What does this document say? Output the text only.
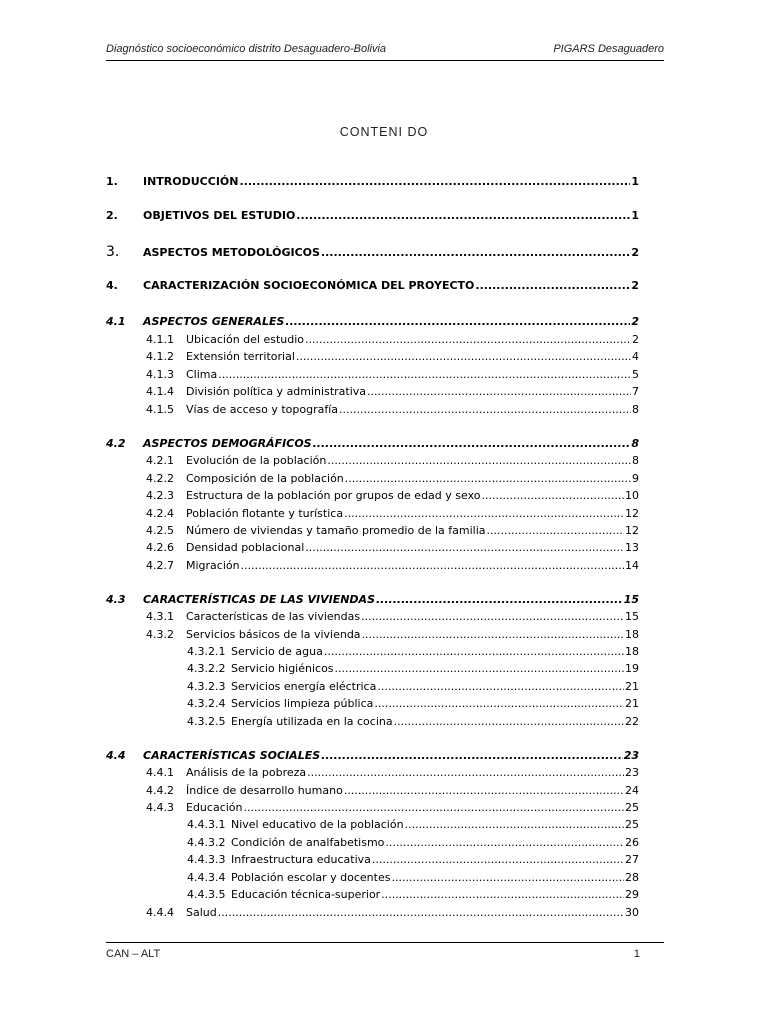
Diagnóstico socioeconómico distrito Desaguadero-Bolivia	PIGARS Desaguadero
CONTENI DO
1.	INTRODUCCIÓN .....	1
2.	OBJETIVOS DEL ESTUDIO .....	1
3.	ASPECTOS METODOLÓGICOS .....	2
4.	CARACTERIZACIÓN SOCIOECONÓMICA DEL PROYECTO .....	2
4.1	ASPECTOS GENERALES .....	2
4.1.1	Ubicación del estudio .....	2
4.1.2	Extensión territorial .....	4
4.1.3	Clima .....	5
4.1.4	División política y administrativa .....	7
4.1.5	Vías de acceso y topografía .....	8
4.2	ASPECTOS DEMOGRÁFICOS .....	8
4.2.1	Evolución de la población .....	8
4.2.2	Composición de la población .....	9
4.2.3	Estructura de la población por grupos de edad y sexo .....	10
4.2.4	Población flotante y turística .....	12
4.2.5	Número de viviendas y tamaño promedio de la familia .....	12
4.2.6	Densidad poblacional .....	13
4.2.7	Migración .....	14
4.3	CARACTERÍSTICAS DE LAS VIVIENDAS .....	15
4.3.1	Características de las viviendas .....	15
4.3.2	Servicios básicos de la vivienda .....	18
4.3.2.1 Servicio de agua .....	18
4.3.2.2 Servicio higiénicos .....	19
4.3.2.3 Servicios energía eléctrica .....	21
4.3.2.4 Servicios limpieza pública .....	21
4.3.2.5 Energía utilizada en la cocina .....	22
4.4	CARACTERÍSTICAS SOCIALES .....	23
4.4.1	Análisis de la pobreza .....	23
4.4.2	Índice de desarrollo humano .....	24
4.4.3	Educación .....	25
4.4.3.1 Nivel educativo de la población .....	25
4.4.3.2 Condición de analfabetismo .....	26
4.4.3.3 Infraestructura educativa .....	27
4.4.3.4 Población escolar y docentes .....	28
4.4.3.5 Educación técnica-superior .....	29
4.4.4	Salud .....	30
CAN – ALT	1
